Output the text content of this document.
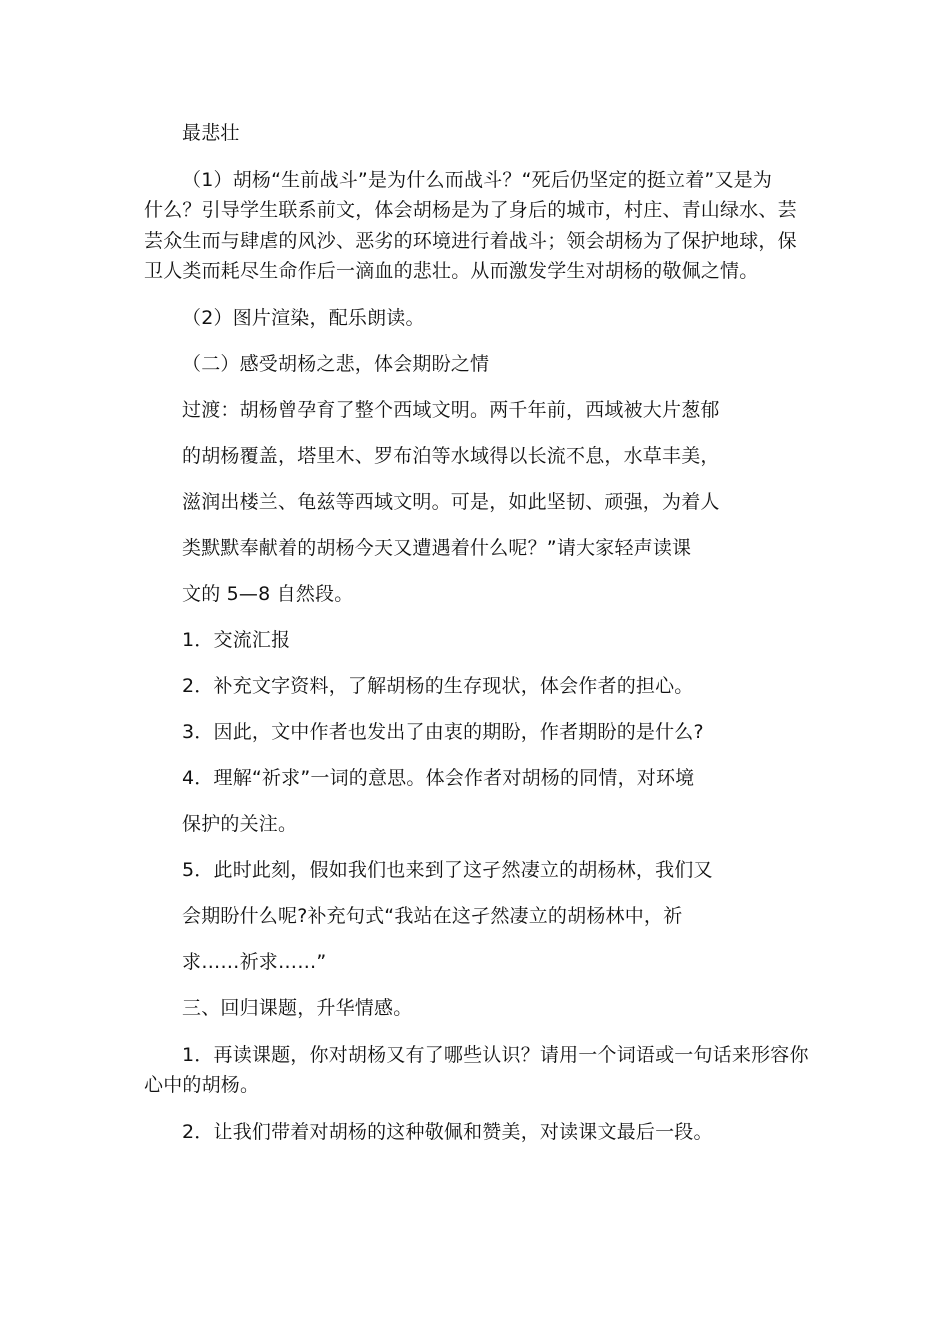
最悲壮
（1）胡杨“生前战斗”是为什么而战斗？“死后仍坚定的挺立着”又是为
什么？引导学生联系前文，体会胡杨是为了身后的城市，村庄、青山绿水、芸
芸众生而与肆虐的风沙、恶劣的环境进行着战斗；领会胡杨为了保护地球，保
卫人类而耗尽生命作后一滴血的悲壮。从而激发学生对胡杨的敬佩之情。
（2）图片渲染，配乐朗读。
（二）感受胡杨之悲，体会期盼之情
过渡：胡杨曾孕育了整个西域文明。两千年前，西域被大片葱郁
的胡杨覆盖，塔里木、罗布泊等水域得以长流不息，水草丰美，
滋润出楼兰、龟兹等西域文明。可是，如此坚韧、顽强，为着人
类默默奉献着的胡杨今天又遭遇着什么呢？”请大家轻声读课
文的 5—8 自然段。
1．交流汇报
2．补充文字资料，了解胡杨的生存现状，体会作者的担心。
3．因此，文中作者也发出了由衷的期盼，作者期盼的是什么?
4．理解“祈求”一词的意思。体会作者对胡杨的同情，对环境
保护的关注。
5．此时此刻，假如我们也来到了这孑然凄立的胡杨林，我们又
会期盼什么呢?补充句式“我站在这孑然凄立的胡杨林中，祈
求……祈求……”
三、回归课题，升华情感。
1．再读课题，你对胡杨又有了哪些认识？请用一个词语或一句话来形容你
心中的胡杨。
2．让我们带着对胡杨的这种敬佩和赞美，对读课文最后一段。
